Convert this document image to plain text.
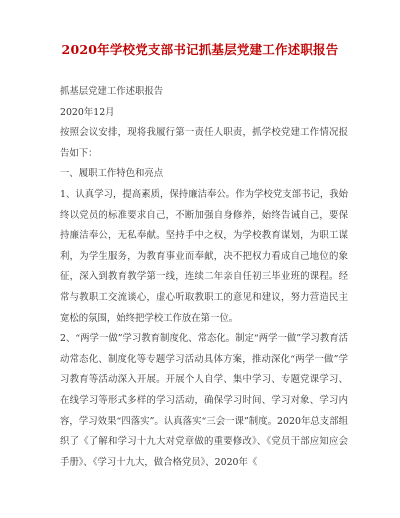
2020年学校党支部书记抓基层党建工作述职报告

抓基层党建工作述职报告

2020年12月

按照会议安排，现将我履行第一责任人职责，抓学校党建工作情况报告如下：

一、履职工作特色和亮点

1、认真学习，提高素质，保持廉洁奉公。作为学校党支部书记，我始终以党员的标准要求自己，不断加强自身修养，始终告诫自己，要保持廉洁奉公，无私奉献。坚持手中之权，为学校教育谋划，为职工谋利，为学生服务，为教育事业而奉献，决不把权力看成自己地位的象征，深入到教育教学第一线，连续二年亲自任初三毕业班的课程。经常与教职工交流谈心，虚心听取教职工的意见和建议，努力营造民主宽松的氛围，始终把学校工作放在第一位。

2、“两学一做”学习教育制度化、常态化。制定“两学一做”学习教育活动常态化、制度化等专题学习活动具体方案，推动深化“两学一做”学习教育等活动深入开展。开展个人自学、集中学习、专题党课学习、在线学习等形式多样的学习活动，确保学习时间、学习对象、学习内容，学习效果“四落实”。认真落实“三会一课”制度。2020年总支部组织了《了解和学习十九大对党章做的重要修改》、《党员干部应知应会手册》、《学习十九大，做合格党员》、2020年《
